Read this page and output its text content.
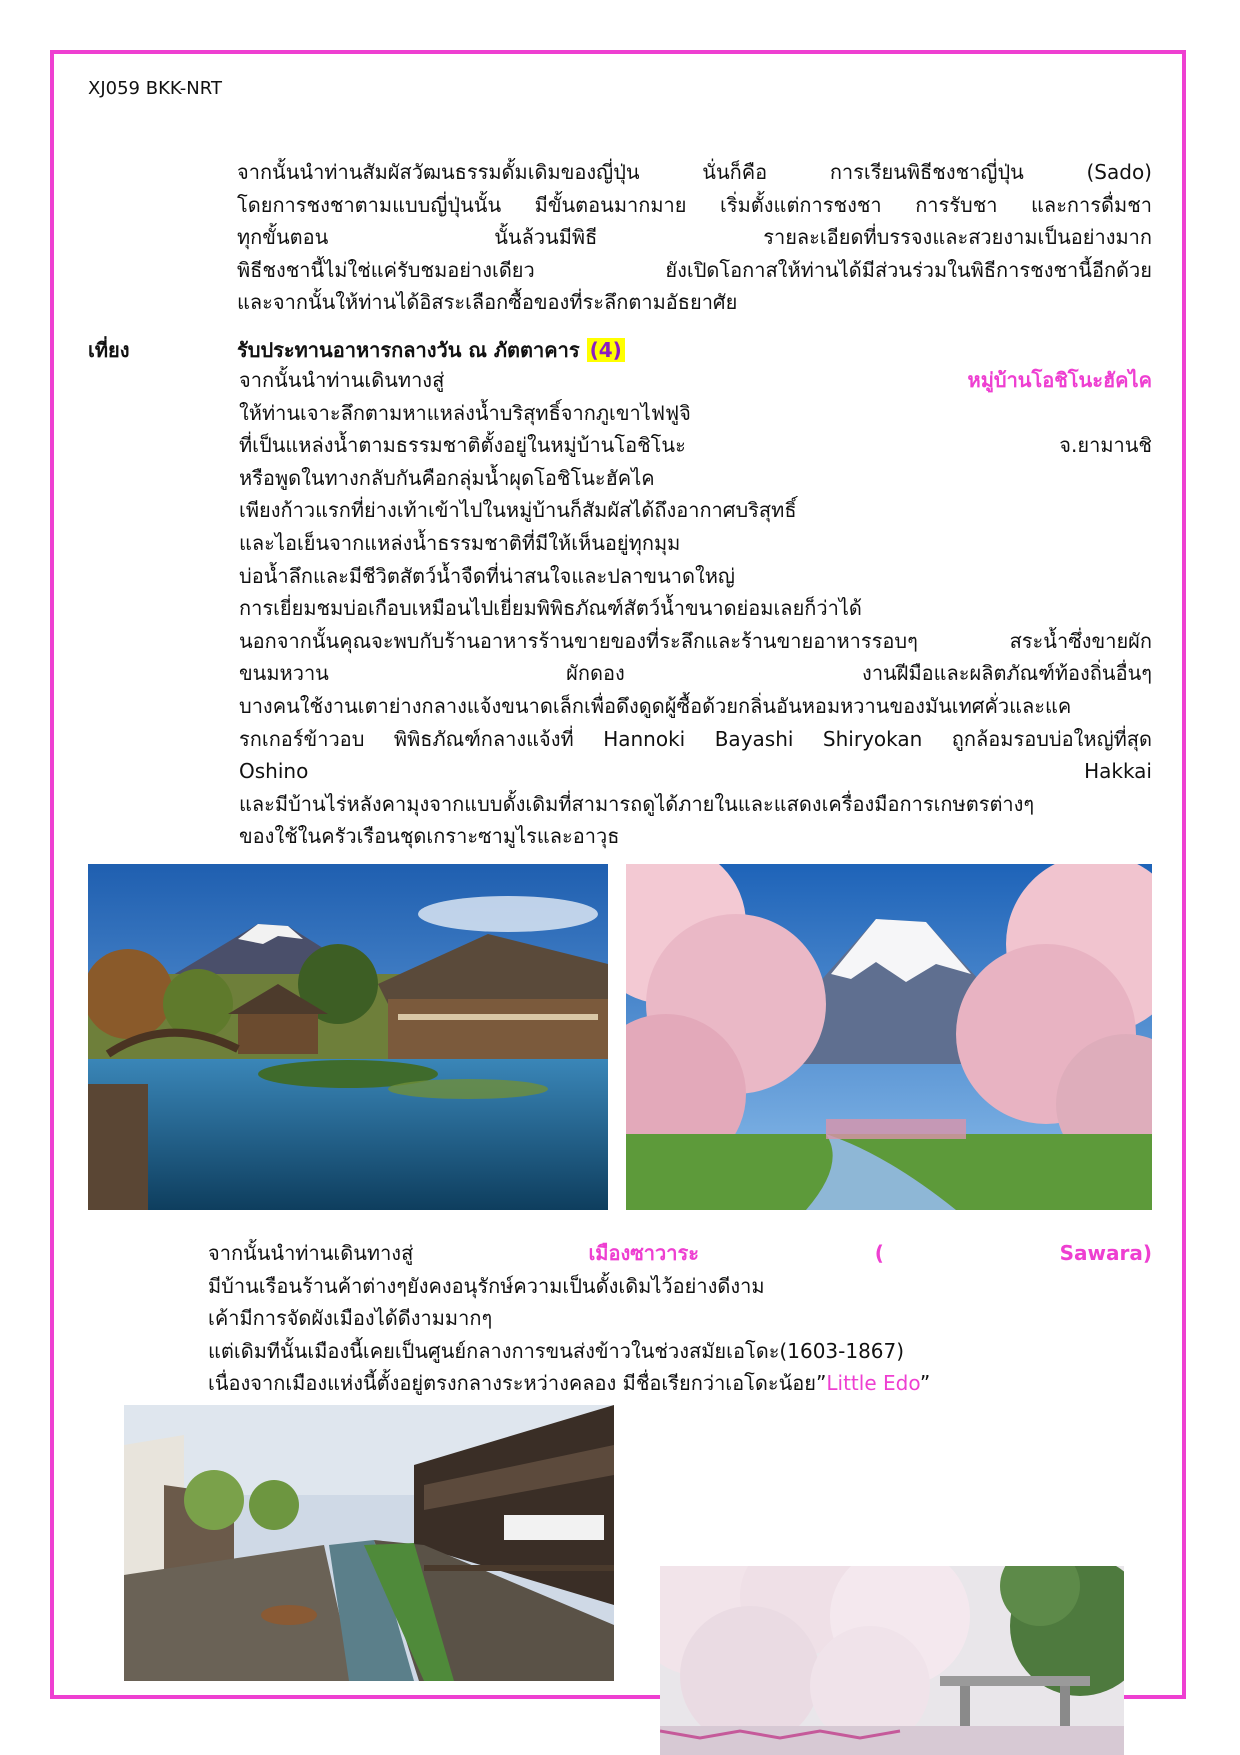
XJ059 BKK-NRT
จากนั้นนำท่านสัมผัสวัฒนธรรมดั้มเดิมของญี่ปุ่น นั่นก็คือ การเรียนพิธีชงชาญี่ปุ่น (Sado)
โดยการชงชาตามแบบญี่ปุ่นนั้น มีขั้นตอนมากมาย เริ่มตั้งแต่การชงชา การรับชา และการดื่มชา
ทุกขั้นตอน นั้นล้วนมีพิธี รายละเอียดที่บรรจงและสวยงามเป็นอย่างมาก
พิธีชงชานี้ไม่ใช่แค่รับชมอย่างเดียว ยังเปิดโอกาสให้ท่านได้มีส่วนร่วมในพิธีการชงชานี้อีกด้วย
และจากนั้นให้ท่านได้อิสระเลือกซื้อของที่ระลึกตามอัธยาศัย
เที่ยง	รับประทานอาหารกลางวัน ณ ภัตตาคาร (4)
จากนั้นนำท่านเดินทางสู่	หมู่บ้านโอชิโนะฮัคไค
ให้ท่านเจาะลึกตามหาแหล่งน้ำบริสุทธิ์จากภูเขาไฟฟูจิ
ที่เป็นแหล่งน้ำตามธรรมชาติตั้งอยู่ในหมู่บ้านโอชิโนะ จ.ยามานชิ
หรือพูดในทางกลับกันคือกลุ่มน้ำผุดโอชิโนะฮัคไค
เพียงก้าวแรกที่ย่างเท้าเข้าไปในหมู่บ้านก็สัมผัสได้ถึงอากาศบริสุทธิ์
และไอเย็นจากแหล่งน้ำธรรมชาติที่มีให้เห็นอยู่ทุกมุม
บ่อน้ำลึกและมีชีวิตสัตว์น้ำจืดที่น่าสนใจและปลาขนาดใหญ่
การเยี่ยมชมบ่อเกือบเหมือนไปเยี่ยมพิพิธภัณฑ์สัตว์น้ำขนาดย่อมเลยก็ว่าได้
นอกจากนั้นคุณจะพบกับร้านอาหารร้านขายของที่ระลึกและร้านขายอาหารรอบๆ สระน้ำซึ่งขายผัก
ขนมหวาน ผักดอง งานฝีมือและผลิตภัณฑ์ท้องถิ่นอื่นๆ
บางคนใช้งานเตาย่างกลางแจ้งขนาดเล็กเพื่อดึงดูดผู้ซื้อด้วยกลิ่นอันหอมหวานของมันเทศคั่วและแค
รกเกอร์ข้าวอบ พิพิธภัณฑ์กลางแจ้งที่ Hannoki Bayashi Shiryokan ถูกล้อมรอบบ่อใหญ่ที่สุด
Oshino Hakkai
และมีบ้านไร่หลังคามุงจากแบบดั้งเดิมที่สามารถดูได้ภายในและแสดงเครื่องมือการเกษตรต่างๆ
ของใช้ในครัวเรือนชุดเกราะซามูไรและอาวุธ
จากนั้นนำท่านเดินทางสู่	เมืองซาวาระ ( Sawara)
มีบ้านเรือนร้านค้าต่างๆยังคงอนุรักษ์ความเป็นดั้งเดิมไว้อย่างดีงาม
เค้ามีการจัดผังเมืองได้ดีงามมากๆ
แต่เดิมทีนั้นเมืองนี้เคยเป็นศูนย์กลางการขนส่งข้าวในช่วงสมัยเอโดะ(1603-1867)
เนื่องจากเมืองแห่งนี้ตั้งอยู่ตรงกลางระหว่างคลอง มีชื่อเรียกว่าเอโดะน้อย”Little Edo”
